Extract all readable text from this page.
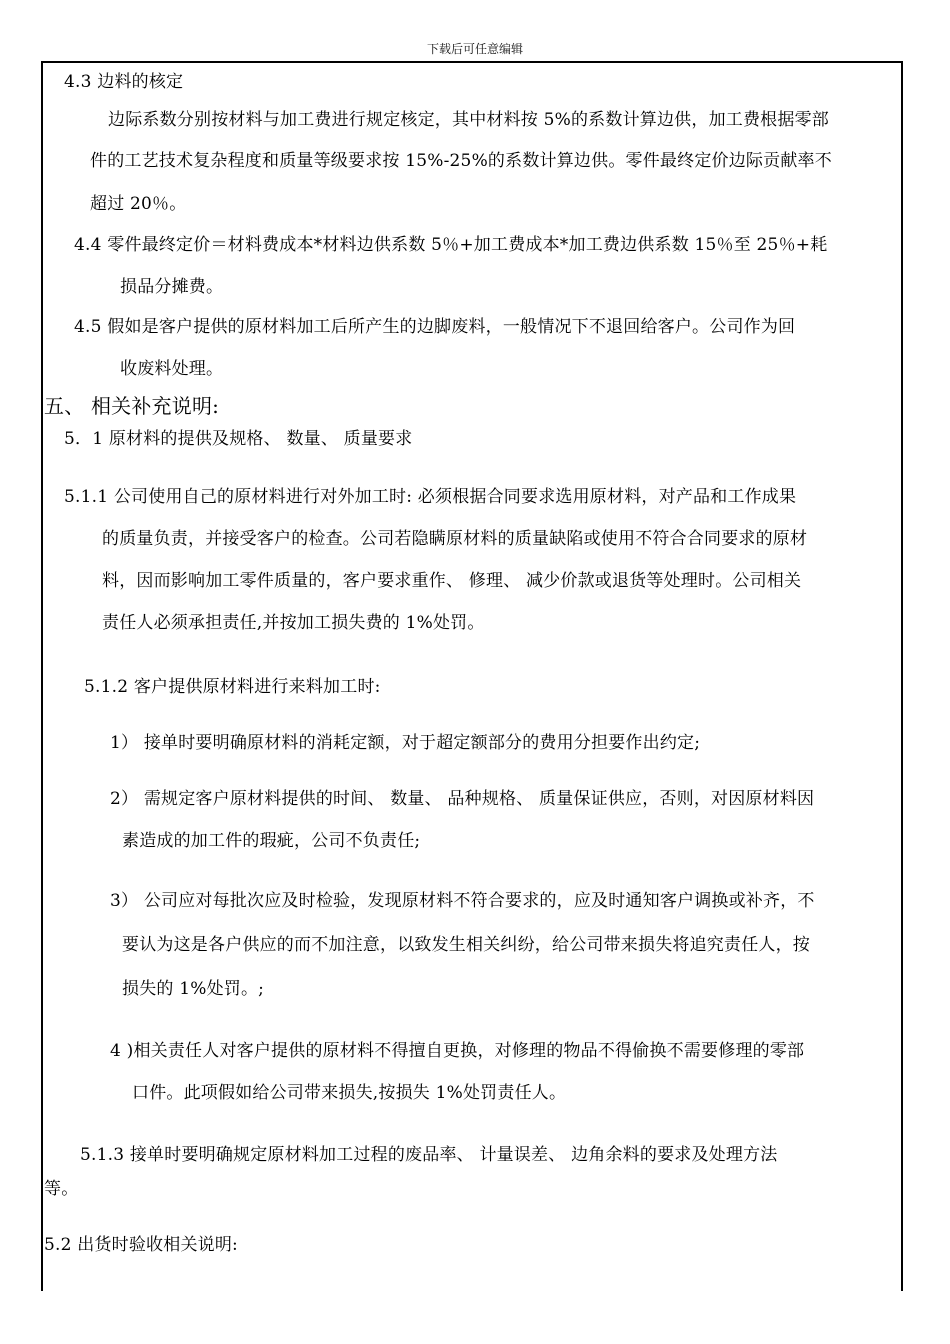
下载后可任意编辑
4.3 边料的核定
边际系数分别按材料与加工费进行规定核定，其中材料按 5%的系数计算边供，加工费根据零部
件的工艺技术复杂程度和质量等级要求按 15%-25%的系数计算边供。零件最终定价边际贡献率不
超过 20％。
4.4 零件最终定价＝材料费成本*材料边供系数 5％+加工费成本*加工费边供系数 15％至 25％+耗
损品分摊费。
4.5 假如是客户提供的原材料加工后所产生的边脚废料，一般情况下不退回给客户。公司作为回
收废料处理。
五、 相关补充说明:
5．1 原材料的提供及规格、 数量、 质量要求
5.1.1 公司使用自己的原材料进行对外加工时: 必须根据合同要求选用原材料，对产品和工作成果
的质量负责，并接受客户的检查。公司若隐瞒原材料的质量缺陷或使用不符合合同要求的原材
料，因而影响加工零件质量的，客户要求重作、 修理、 减少价款或退货等处理时。公司相关
责任人必须承担责任,并按加工损失费的 1%处罚。
5.1.2 客户提供原材料进行来料加工时:
1） 接单时要明确原材料的消耗定额，对于超定额部分的费用分担要作出约定;
2） 需规定客户原材料提供的时间、 数量、 品种规格、 质量保证供应，否则，对因原材料因
素造成的加工件的瑕疵，公司不负责任;
3） 公司应对每批次应及时检验，发现原材料不符合要求的，应及时通知客户调换或补齐，不
要认为这是各户供应的而不加注意，以致发生相关纠纷，给公司带来损失将追究责任人，按
损失的 1%处罚。;
4 )相关责任人对客户提供的原材料不得擅自更换，对修理的物品不得偷换不需要修理的零部
口件。此项假如给公司带来损失,按损失 1%处罚责任人。
5.1.3 接单时要明确规定原材料加工过程的废品率、 计量误差、 边角余料的要求及处理方法
等。
5.2 出货时验收相关说明:
